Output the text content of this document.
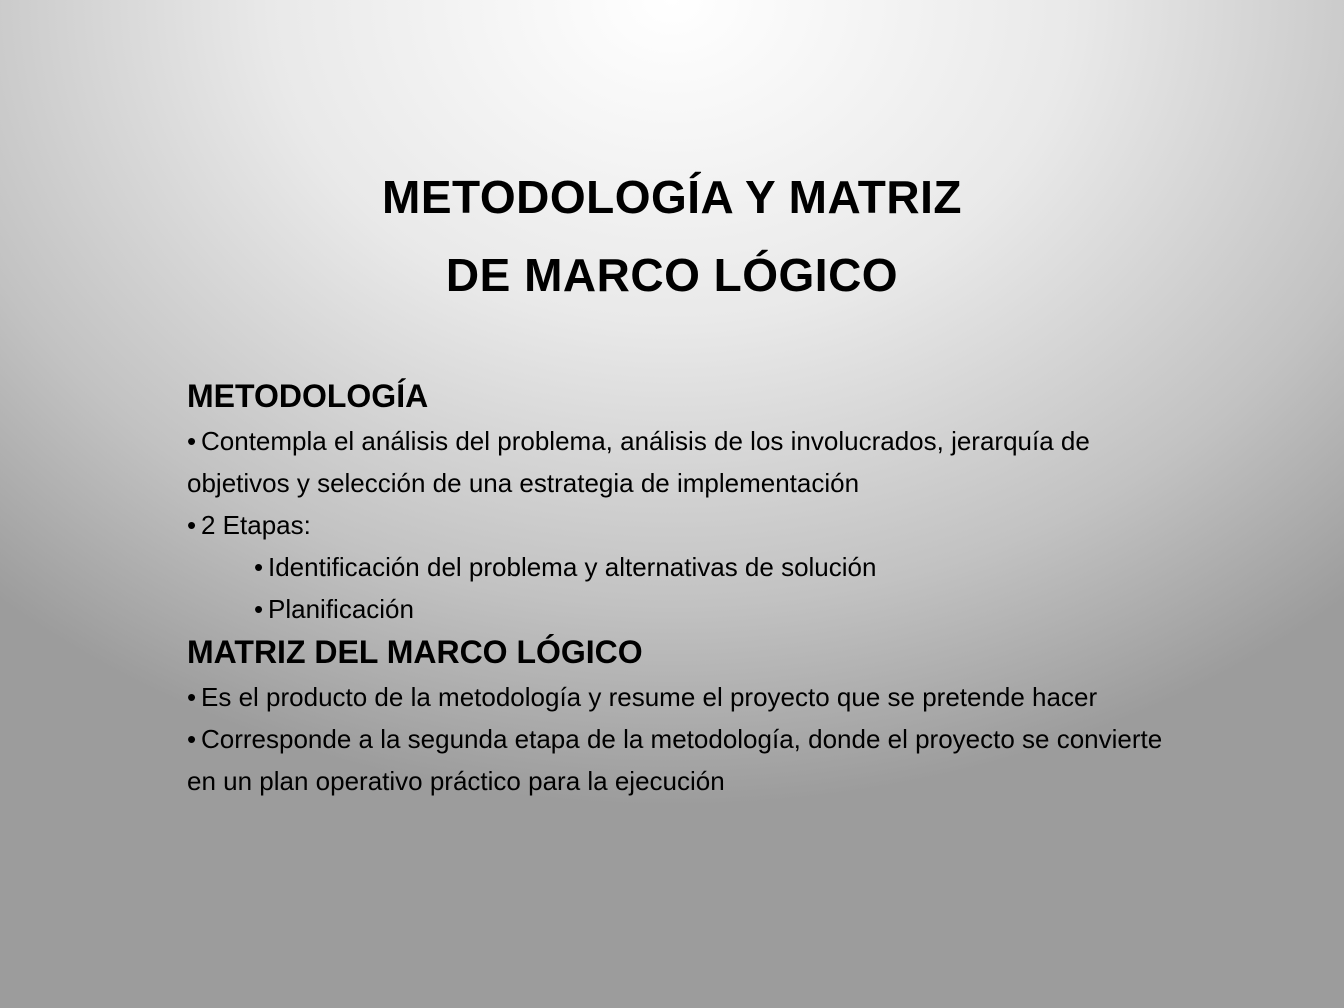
METODOLOGÍA Y MATRIZ
DE MARCO LÓGICO
METODOLOGÍA
• Contempla el análisis del problema, análisis de los involucrados, jerarquía de objetivos y selección de una estrategia de implementación
• 2 Etapas:
• Identificación del problema y alternativas de solución
• Planificación
MATRIZ DEL MARCO LÓGICO
• Es el producto de la metodología y resume el proyecto que se pretende hacer
• Corresponde a la segunda etapa de la metodología, donde el proyecto se convierte en un plan operativo práctico para la ejecución
